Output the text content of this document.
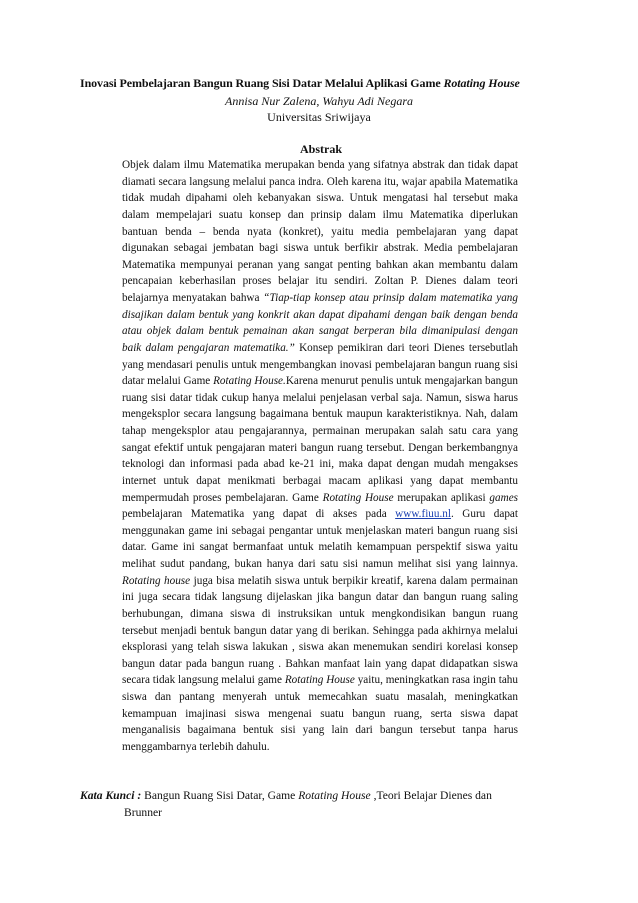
Inovasi Pembelajaran Bangun Ruang Sisi Datar Melalui Aplikasi Game Rotating House
Annisa Nur Zalena, Wahyu Adi Negara
Universitas Sriwijaya
Abstrak
Objek dalam ilmu Matematika merupakan benda yang sifatnya abstrak dan tidak dapat diamati secara langsung melalui panca indra. Oleh karena itu, wajar apabila Matematika tidak mudah dipahami oleh kebanyakan siswa. Untuk mengatasi hal tersebut maka dalam mempelajari suatu konsep dan prinsip dalam ilmu Matematika diperlukan bantuan benda – benda nyata (konkret), yaitu media pembelajaran yang dapat digunakan sebagai jembatan bagi siswa untuk berfikir abstrak. Media pembelajaran Matematika mempunyai peranan yang sangat penting bahkan akan membantu dalam pencapaian keberhasilan proses belajar itu sendiri. Zoltan P. Dienes dalam teori belajarnya menyatakan bahwa “Tiap-tiap konsep atau prinsip dalam matematika yang disajikan dalam bentuk yang konkrit akan dapat dipahami dengan baik dengan benda atau objek dalam bentuk pemainan akan sangat berperan bila dimanipulasi dengan baik dalam pengajaran matematika.” Konsep pemikiran dari teori Dienes tersebutlah yang mendasari penulis untuk mengembangkan inovasi pembelajaran bangun ruang sisi datar melalui Game Rotating House.Karena menurut penulis untuk mengajarkan bangun ruang sisi datar tidak cukup hanya melalui penjelasan verbal saja. Namun, siswa harus mengeksplor secara langsung bagaimana bentuk maupun karakteristiknya. Nah, dalam tahap mengeksplor atau pengajarannya, permainan merupakan salah satu cara yang sangat efektif untuk pengajaran materi bangun ruang tersebut. Dengan berkembangnya teknologi dan informasi pada abad ke-21 ini, maka dapat dengan mudah mengakses internet untuk dapat menikmati berbagai macam aplikasi yang dapat membantu mempermudah proses pembelajaran. Game Rotating House merupakan aplikasi games pembelajaran Matematika yang dapat di akses pada www.fiuu.nl. Guru dapat menggunakan game ini sebagai pengantar untuk menjelaskan materi bangun ruang sisi datar. Game ini sangat bermanfaat untuk melatih kemampuan perspektif siswa yaitu melihat sudut pandang, bukan hanya dari satu sisi namun melihat sisi yang lainnya. Rotating house juga bisa melatih siswa untuk berpikir kreatif, karena dalam permainan ini juga secara tidak langsung dijelaskan jika bangun datar dan bangun ruang saling berhubungan, dimana siswa di instruksikan untuk mengkondisikan bangun ruang tersebut menjadi bentuk bangun datar yang di berikan. Sehingga pada akhirnya melalui eksplorasi yang telah siswa lakukan , siswa akan menemukan sendiri korelasi konsep bangun datar pada bangun ruang . Bahkan manfaat lain yang dapat didapatkan siswa secara tidak langsung melalui game Rotating House yaitu, meningkatkan rasa ingin tahu siswa dan pantang menyerah untuk memecahkan suatu masalah, meningkatkan kemampuan imajinasi siswa mengenai suatu bangun ruang, serta siswa dapat menganalisis bagaimana bentuk sisi yang lain dari bangun tersebut tanpa harus menggambarnya terlebih dahulu.
Kata Kunci : Bangun Ruang Sisi Datar, Game Rotating House ,Teori Belajar Dienes dan
Brunner
